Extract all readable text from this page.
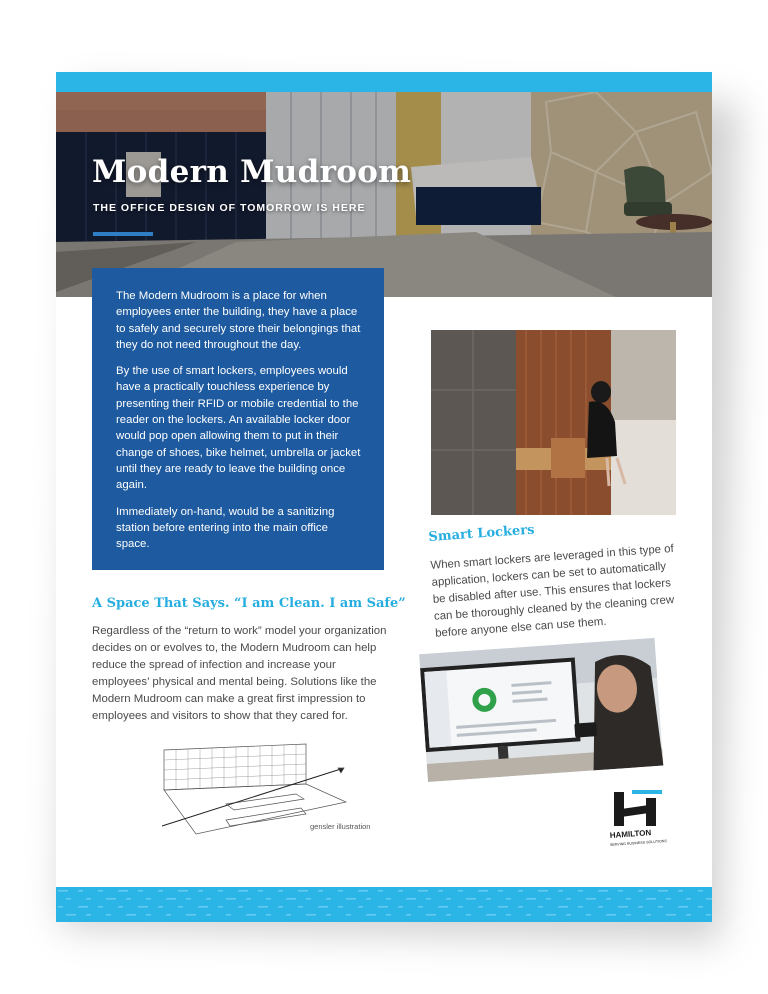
Modern Mudroom
THE OFFICE DESIGN OF TOMORROW IS HERE

The Modern Mudroom is a place for when employees enter the building, they have a place to safely and securely store their belongings that they do not need throughout the day.

By the use of smart lockers, employees would have a practically touchless experience by presenting their RFID or mobile credential to the reader on the lockers. An available locker door would pop open allowing them to put in their change of shoes, bike helmet, umbrella or jacket until they are ready to leave the building once again.

Immediately on-hand, would be a sanitizing station before entering into the main office space.

A Space That Says. “I am Clean. I am Safe”

Regardless of the “return to work” model your organization decides on or evolves to, the Modern Mudroom can help reduce the spread of infection and increase your employees’ physical and mental being. Solutions like the Modern Mudroom can make a great first impression to employees and visitors to show that they cared for.

gensler illustration
Smart Lockers

When smart lockers are leveraged in this type of application, lockers can be set to automatically be disabled after use. This ensures that lockers can be thoroughly cleaned by the cleaning crew before anyone else can use them.

HAMILTON
SERVING BUSINESS SOLUTIONS
